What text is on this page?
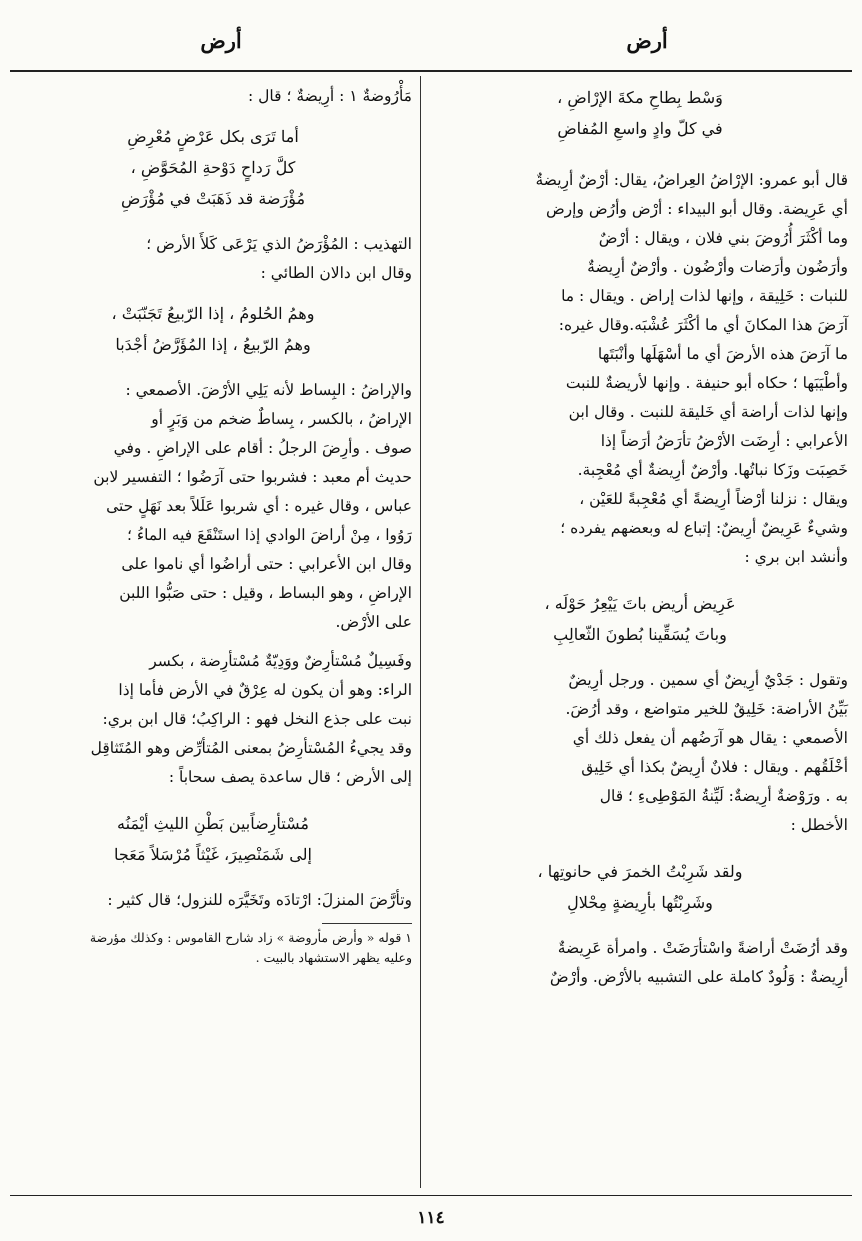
أرض
أرض

وَسْط بِطاحِ مكةَ الإرْاضِ ،

في كلّ وادٍ واسعِ المُفاضِ

قال أبو عمرو: الإرْاضُ العِراضُ، يقال: أرْضٌ أرِيضةٌ

أي عَرِيضة. وقال أبو البيداء : أرْض وأرُض وإرض

وما أكْثَرَ أُرُوضَ بني فلان ، ويقال : أرْضٌ

وأرَضُون وأرَضات وأرْضُون . وأرْضٌ أرِيضةٌ

للنبات : خَلِيقة ، وإنها لذات إراض . ويقال : ما

آرَضَ هذا المكانَ أي ما أكْثَرَ عُشْبَه.وقال غيره:

ما آرَضَ هذه الأرضَ أي ما أسْهَلَها وأنْبَتَها

وأطْيَبَها ؛ حكاه أبو حنيفة . وإنها لأريضةٌ للنبت

وإنها لذات أراضة أي خَليقة للنبت . وقال ابن

الأعرابي : أرِضَت الأرْضُ تأرَضُ أرَضاً إذا

خَصِبَت وزَكا نباتُها. وأرْضٌ أرِيضةٌ أي مُعْجِبة.

ويقال : نزلنا أرْضاً أرِيضةً أي مُعْجِبةً للعَيْن ،

وشيءٌ عَرِيضٌ أرِيضٌ: إتباع له وبعضهم يفرده ؛

وأنشد ابن بري :

عَرِيض أريض باتَ يَيْعِرُ حَوْلَه ،

وباتَ يُسَقِّينا بُطونَ الثّعالِبِ

وتقول : جَدْيٌ أرِيضٌ أي سمين . ورجل أرِيضٌ

بَيِّنُ الأراضة: خَلِيقٌ للخير متواضع ، وقد أرُضَ.

الأصمعي : يقال هو آرَضُهم أن يفعل ذلك أي

أخْلَقُهم . ويقال : فلانٌ أرِيضٌ بكذا أي خَلِيق

به . ورَوْضةٌ أرِيضةٌ: لَيِّنةُ المَوْطِىءِ ؛ قال

الأخطل :

ولقد شَرِبْتُ الخمرَ في حانوتِها ،

وشَرِبْتُها بأرِيضةٍ مِحْلالِ

وقد أرُضَتْ أراضةً واسْتأرَضَتْ . وامرأة عَرِيضةٌ

أرِيضةٌ : وَلُودٌ كاملة على التشبيه بالأرْض. وأرْضٌ

مَأْرُوضةٌ ١ : أرِيضةٌ ؛ قال :

أما تَرَى بكل عَرْضٍ مُعْرِضِ

كلَّ رَداحٍ دَوْحةِ المُحَوَّضِ ،

مُؤْرَضة قد ذَهَبَتْ في مُؤْرَضِ

التهذيب : المُؤْرَضُ الذي يَرْعَى كَلأَ الأرض ؛

وقال ابن دالان الطائي :

وهمُ الحُلومُ ، إذا الرّبيعُ تَجَنّبَتْ ،

وهمُ الرّبيعُ ، إذا المُؤَرَّضُ أجْدَبا

والإراضُ : البِساط لأنه يَلِي الأرْضَ. الأصمعي :

الإراضُ ، بالكسر ، بِساطٌ ضخم من وَبَرٍ أو

صوف . وأرِضَ الرجلُ : أقام على الإراضِ . وفي

حديث أم معبد : فشربوا حتى آرَضُوا ؛ التفسير لابن

عباس ، وقال غيره : أي شربوا عَلَلاً بعد نَهَلٍ حتى

رَوُوا ، مِنْ أراضَ الوادي إذا استَنْقَعَ فيه الماءُ ؛

وقال ابن الأعرابي : حتى أراضُوا أي ناموا على

الإراضِ ، وهو البساط ، وقيل : حتى صَبُّوا اللبن

على الأرْض.

وفَسِيلٌ مُسْتأرِضٌ ووَدِيّةٌ مُسْتأرِضة ، بكسر

الراء: وهو أن يكون له عِرْقٌ في الأرض فأما إذا

نبت على جذع النخل فهو : الراكِبُ؛ قال ابن بري:

وقد يجيءُ المُسْتأرِضُ بمعنى المُتأرِّض وهو المُتَثاقِل

إلى الأرض ؛ قال ساعدة يصف سحاباً :

مُسْتأرِضاًبين بَطْنِ الليثِ أيْمَنُه

إلى شَمَنْصِيرَ، غَيْثاً مُرْسَلاً مَعَجا

وتأرَّضَ المنزلَ: ارْتادَه وتَخَيَّرَه للنزول؛ قال كثير :

١ قوله « وأرض مأروضة » زاد شارح القاموس : وكذلك مؤرضة

وعليه يظهر الاستشهاد بالبيت .

١١٤
